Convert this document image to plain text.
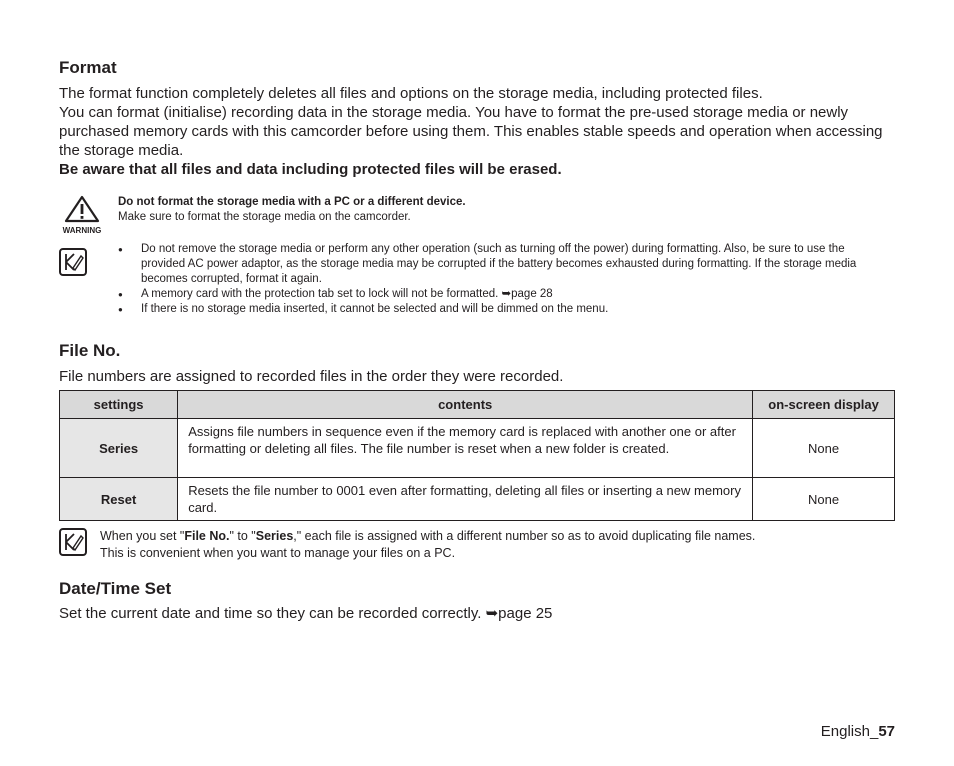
Format

The format function completely deletes all files and options on the storage media, including protected files.

You can format (initialise) recording data in the storage media. You have to format the pre-used storage media or newly purchased memory cards with this camcorder before using them. This enables stable speeds and operation when accessing the storage media.

Be aware that all files and data including protected files will be erased.

WARNING

Do not format the storage media with a PC or a different device.

Make sure to format the storage media on the camcorder.

● Do not remove the storage media or perform any other operation (such as turning off the power) during formatting. Also, be sure to use the provided AC power adaptor, as the storage media may be corrupted if the battery becomes exhausted during formatting. If the storage media becomes corrupted, format it again.
● A memory card with the protection tab set to lock will not be formatted. ➥page 28
● If there is no storage media inserted, it cannot be selected and will be dimmed on the menu.
File No.

File numbers are assigned to recorded files in the order they were recorded.

settings	contents	on-screen display
Series	Assigns file numbers in sequence even if the memory card is replaced with another one or after formatting or deleting all files. The file number is reset when a new folder is created.	None
Reset	Resets the file number to 0001 even after formatting, deleting all files or inserting a new memory card.	None

When you set "File No." to "Series," each file is assigned with a different number so as to avoid duplicating file names.

This is convenient when you want to manage your files on a PC.

Date/Time Set

Set the current date and time so they can be recorded correctly. ➥page 25

English_57
